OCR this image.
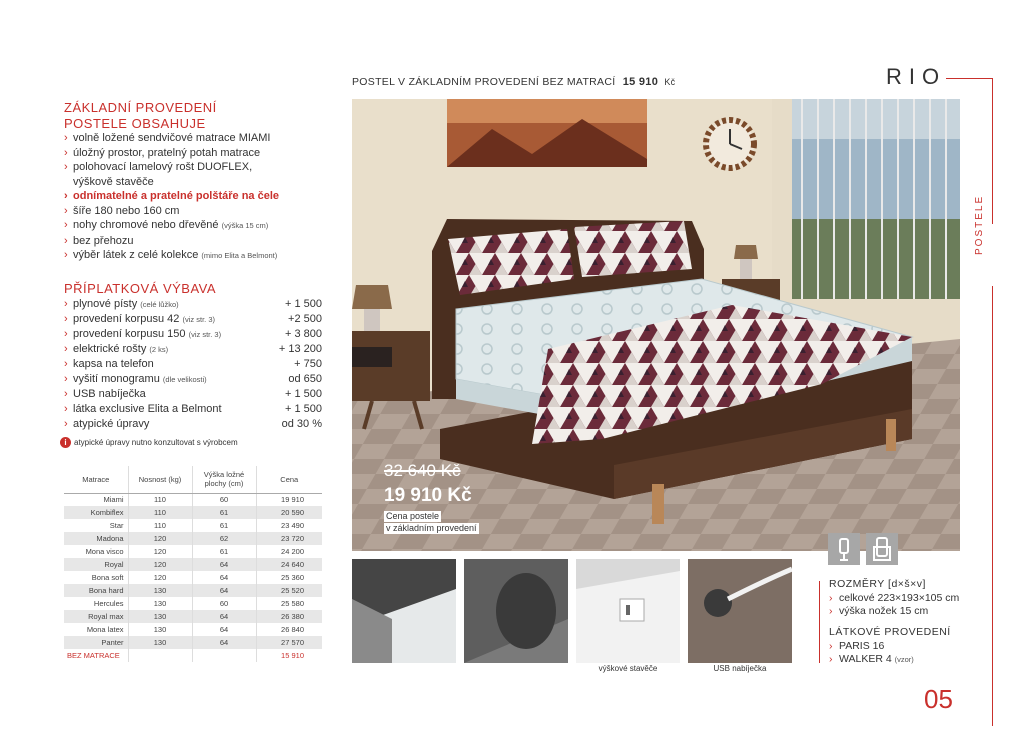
POSTEL V ZÁKLADNÍM PROVEDENÍ BEZ MATRACÍ 15 910 Kč	RIO
POSTELE
ZÁKLADNÍ PROVEDENÍ
POSTELE OBSAHUJE
› volně ložené sendvičové matrace MIAMI
› úložný prostor, pratelný potah matrace
› polohovací lamelový rošt DUOFLEX,
výškově stavěče
› odnímatelné a pratelné polštáře na čele
› šíře 180 nebo 160 cm
› nohy chromové nebo dřevěné (výška 15 cm)
› bez přehozu
› výběr látek z celé kolekce (mimo Elita a Belmont)
PŘÍPLATKOVÁ VÝBAVA
› plynové písty (celé lůžko)	+ 1 500
› provedení korpusu 42 (viz str. 3)	+2 500
› provedení korpusu 150 (viz str. 3)	+ 3 800
› elektrické rošty (2 ks)	+ 13 200
› kapsa na telefon	+ 750
› vyšití monogramu (dle velikosti)	od 650
› USB nabíječka	+ 1 500
› látka exclusive Elita a Belmont	+ 1 500
› atypické úpravy	od 30 %
i atypické úpravy nutno konzultovat s výrobcem
Matrace	Nosnost (kg)	Výška ložné plochy (cm)	Cena
Miami	110	60	19 910
Kombiflex	110	61	20 590
Star	110	61	23 490
Madona	120	62	23 720
Mona visco	120	61	24 200
Royal	120	64	24 640
Bona soft	120	64	25 360
Bona hard	130	64	25 520
Hercules	130	60	25 580
Royal max	130	64	26 380
Mona latex	130	64	26 840
Panter	130	64	27 570
BEZ MATRACE			15 910
32 640 Kč
19 910 Kč
Cena postele
v základním provedení
výškové stavěče	USB nabíječka
ROZMĚRY [d×š×v]
› celkové 223×193×105 cm
› výška nožek 15 cm
LÁTKOVÉ PROVEDENÍ
› PARIS 16
› WALKER 4 (vzor)
05
